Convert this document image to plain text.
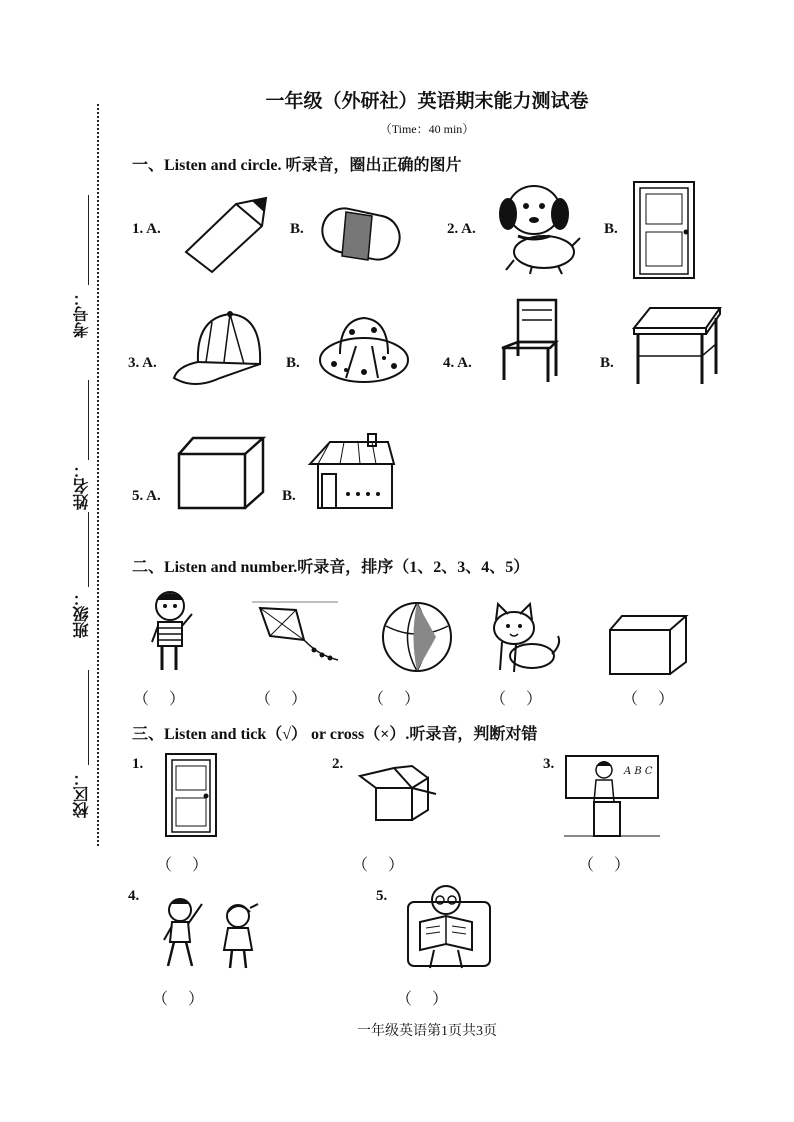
考号：
姓名：
班级：
校区：
一年级（外研社）英语期末能力测试卷
（Time：40 min）
一、Listen and circle. 听录音，圈出正确的图片
1. A.	B.	2. A.	B.
3. A.	B.	4. A.	B.
5. A.	B.
二、Listen and number.听录音，排序（1、2、3、4、5）
（     ）	（     ）	（     ）	（     ）	（     ）
三、Listen and tick（√） or cross（×）.听录音，判断对错
1.	2.	3.	A B C
（     ）	（     ）	（     ）
4.	5.
（     ）	（     ）
一年级英语第1页共3页
